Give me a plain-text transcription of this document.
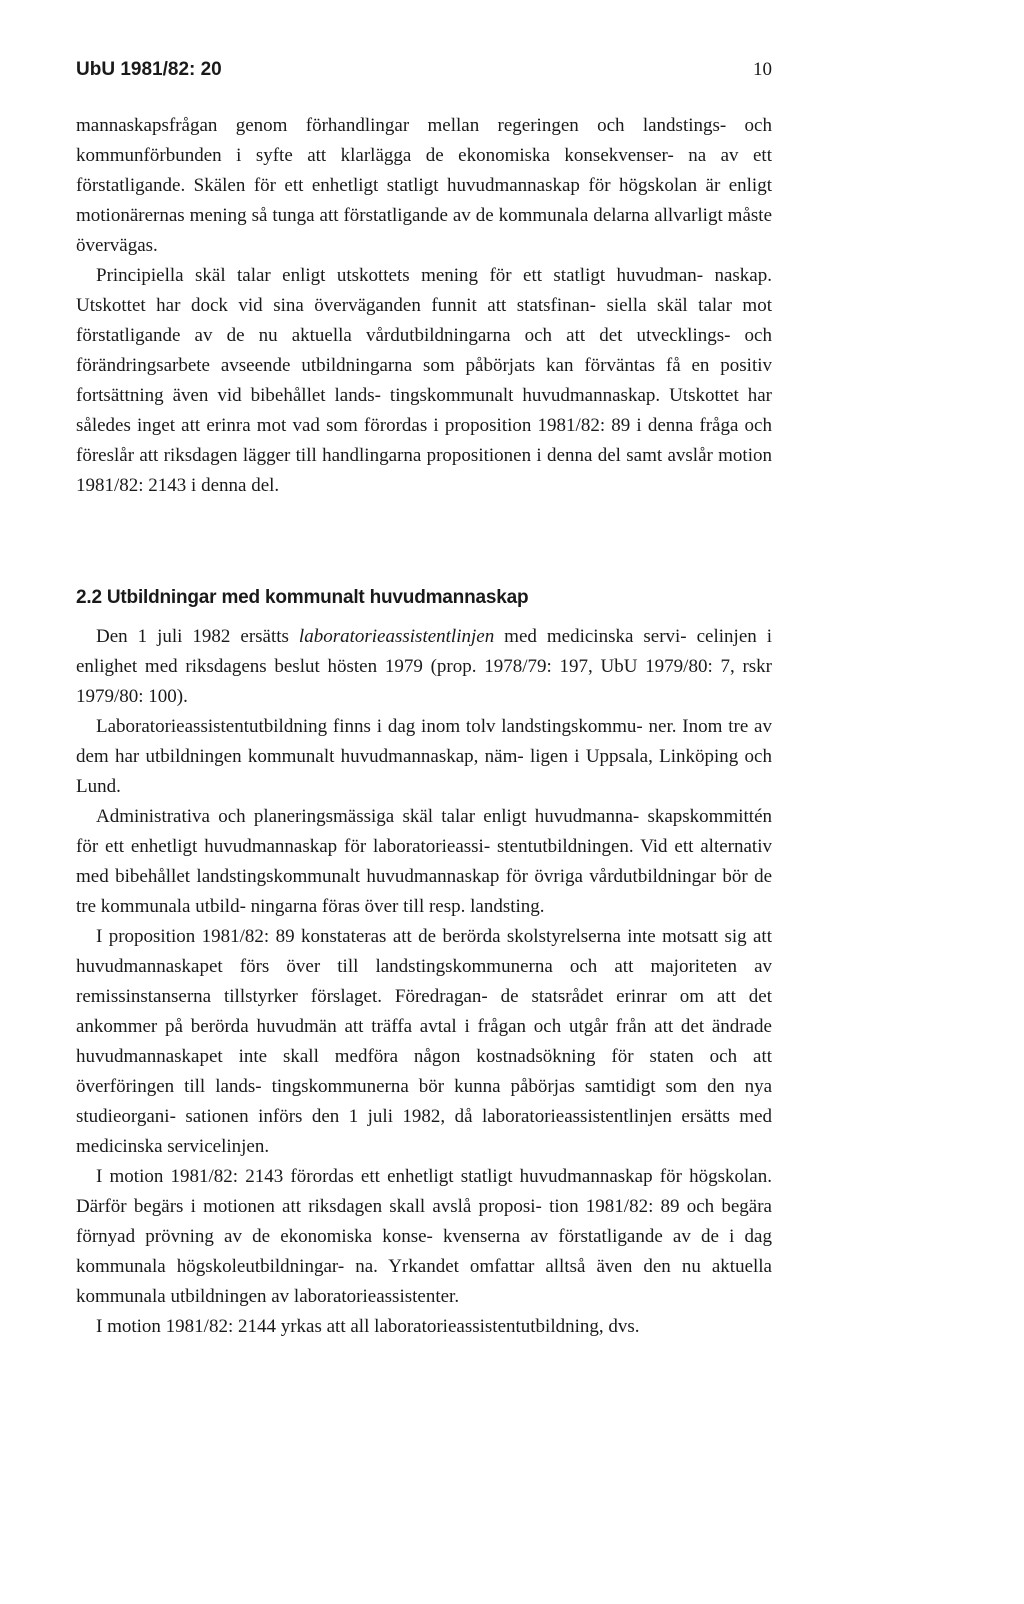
UbU 1981/82: 20	10

mannaskapsfrågan genom förhandlingar mellan regeringen och landstings- och kommunförbunden i syfte att klarlägga de ekonomiska konsekvenser- na av ett förstatligande. Skälen för ett enhetligt statligt huvudmannaskap för högskolan är enligt motionärernas mening så tunga att förstatligande av de kommunala delarna allvarligt måste övervägas.

Principiella skäl talar enligt utskottets mening för ett statligt huvudman- naskap. Utskottet har dock vid sina överväganden funnit att statsfinan- siella skäl talar mot förstatligande av de nu aktuella vårdutbildningarna och att det utvecklings- och förändringsarbete avseende utbildningarna som påbörjats kan förväntas få en positiv fortsättning även vid bibehållet lands- tingskommunalt huvudmannaskap. Utskottet har således inget att erinra mot vad som förordas i proposition 1981/82: 89 i denna fråga och föreslår att riksdagen lägger till handlingarna propositionen i denna del samt avslår motion 1981/82: 2143 i denna del.

2.2 Utbildningar med kommunalt huvudmannaskap

Den 1 juli 1982 ersätts laboratorieassistentlinjen med medicinska servi- celinjen i enlighet med riksdagens beslut hösten 1979 (prop. 1978/79: 197, UbU 1979/80: 7, rskr 1979/80: 100).

Laboratorieassistentutbildning finns i dag inom tolv landstingskommu- ner. Inom tre av dem har utbildningen kommunalt huvudmannaskap, näm- ligen i Uppsala, Linköping och Lund.

Administrativa och planeringsmässiga skäl talar enligt huvudmanna- skapskommittén för ett enhetligt huvudmannaskap för laboratorieassi- stentutbildningen. Vid ett alternativ med bibehållet landstingskommunalt huvudmannaskap för övriga vårdutbildningar bör de tre kommunala utbild- ningarna föras över till resp. landsting.

I proposition 1981/82: 89 konstateras att de berörda skolstyrelserna inte motsatt sig att huvudmannaskapet förs över till landstingskommunerna och att majoriteten av remissinstanserna tillstyrker förslaget. Föredragan- de statsrådet erinrar om att det ankommer på berörda huvudmän att träffa avtal i frågan och utgår från att det ändrade huvudmannaskapet inte skall medföra någon kostnadsökning för staten och att överföringen till lands- tingskommunerna bör kunna påbörjas samtidigt som den nya studieorgani- sationen införs den 1 juli 1982, då laboratorieassistentlinjen ersätts med medicinska servicelinjen.

I motion 1981/82: 2143 förordas ett enhetligt statligt huvudmannaskap för högskolan. Därför begärs i motionen att riksdagen skall avslå proposi- tion 1981/82: 89 och begära förnyad prövning av de ekonomiska konse- kvenserna av förstatligande av de i dag kommunala högskoleutbildningar- na. Yrkandet omfattar alltså även den nu aktuella kommunala utbildningen av laboratorieassistenter.

I motion 1981/82: 2144 yrkas att all laboratorieassistentutbildning, dvs.
